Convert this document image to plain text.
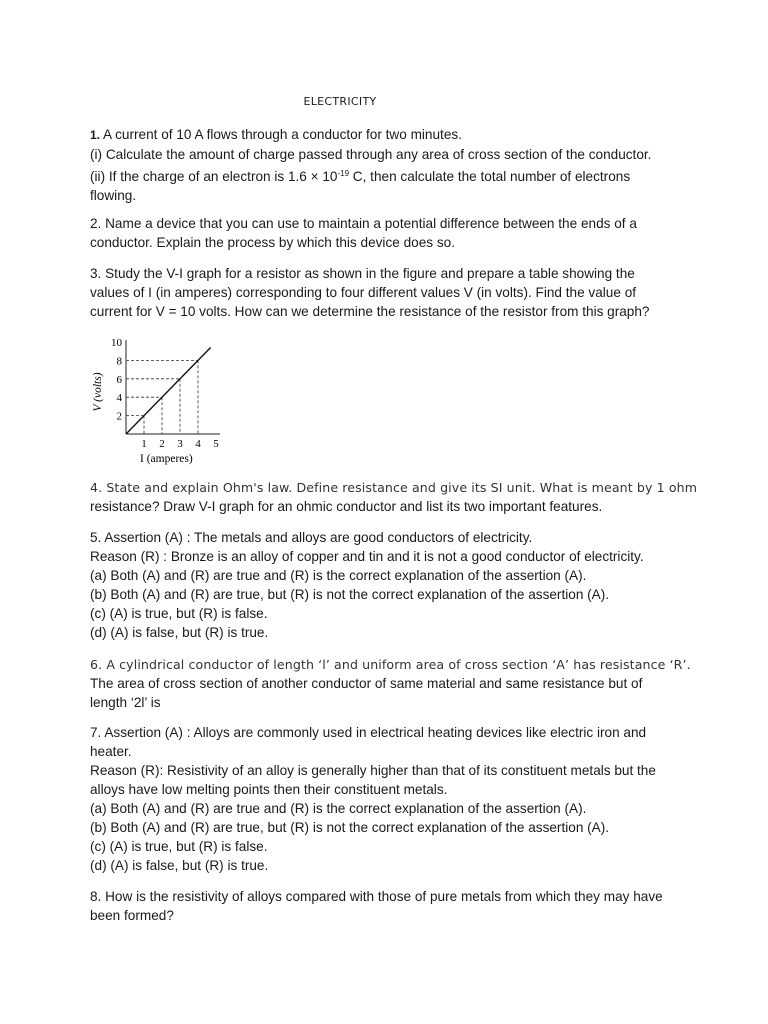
ELECTRICITY
1. A current of 10 A flows through a conductor for two minutes.
(i) Calculate the amount of charge passed through any area of cross section of the conductor.
(ii) If the charge of an electron is $1.6 \times 10^{-19}$ C, then calculate the total number of electrons
flowing.
2. Name a device that you can use to maintain a potential difference between the ends of a
conductor. Explain the process by which this device does so.
3. Study the V-I graph for a resistor as shown in the figure and prepare a table showing the
values of I (in amperes) corresponding to four different values V (in volts). Find the value of
current for V = 10 volts. How can we determine the resistance of the resistor from this graph?
10
8
6
4
2
1 2 3 4 5
V (volts)
I (amperes)
4. State and explain Ohm's law. Define resistance and give its SI unit. What is meant by 1 ohm
resistance? Draw V-I graph for an ohmic conductor and list its two important features.
5. Assertion (A) : The metals and alloys are good conductors of electricity.
Reason (R) : Bronze is an alloy of copper and tin and it is not a good conductor of electricity.
(a) Both (A) and (R) are true and (R) is the correct explanation of the assertion (A).
(b) Both (A) and (R) are true, but (R) is not the correct explanation of the assertion (A).
(c) (A) is true, but (R) is false.
(d) (A) is false, but (R) is true.
6. A cylindrical conductor of length ‘l’ and uniform area of cross section ‘A’ has resistance ‘R’.
The area of cross section of another conductor of same material and same resistance but of
length ‘2l’ is
7. Assertion (A) : Alloys are commonly used in electrical heating devices like electric iron and
heater.
Reason (R): Resistivity of an alloy is generally higher than that of its constituent metals but the
alloys have low melting points then their constituent metals.
(a) Both (A) and (R) are true and (R) is the correct explanation of the assertion (A).
(b) Both (A) and (R) are true, but (R) is not the correct explanation of the assertion (A).
(c) (A) is true, but (R) is false.
(d) (A) is false, but (R) is true.
8. How is the resistivity of alloys compared with those of pure metals from which they may have
been formed?
